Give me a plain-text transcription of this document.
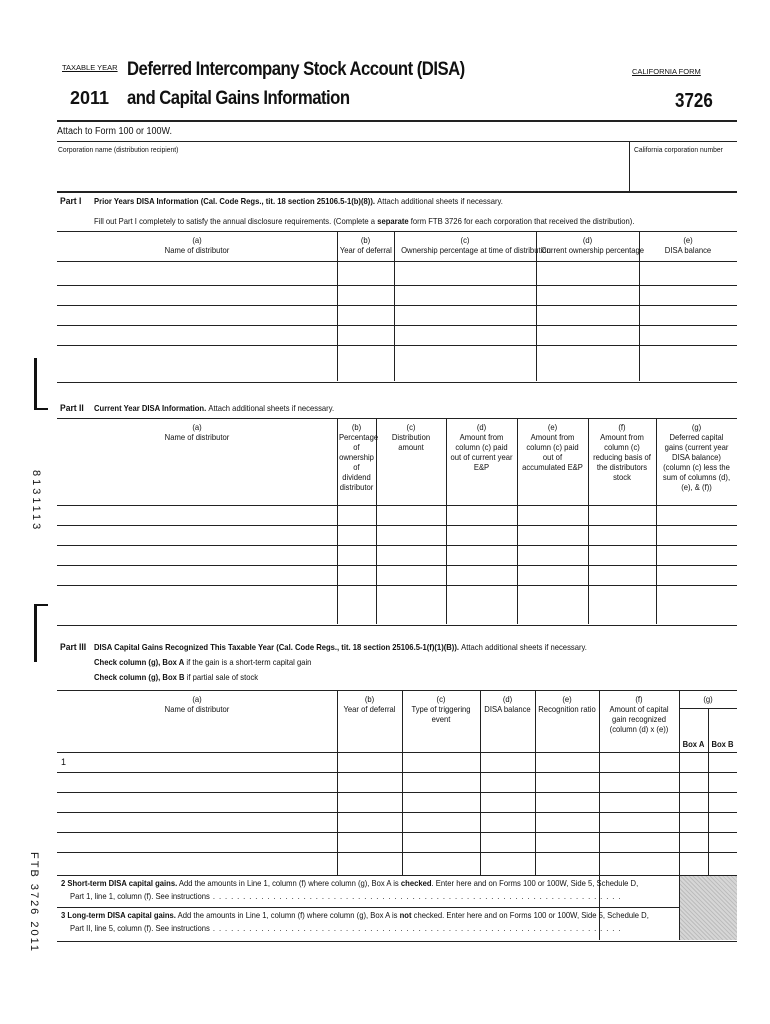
TAXABLE YEAR
2011
Deferred Intercompany Stock Account (DISA)
and Capital Gains Information
CALIFORNIA FORM
3726
Attach to Form 100 or 100W.
Corporation name (distribution recipient)	California corporation number
8131113
FTB 3726 2011
Part I Prior Years DISA Information (Cal. Code Regs., tit. 18 section 25106.5-1(b)(8)). Attach additional sheets if necessary.
Fill out Part I completely to satisfy the annual disclosure requirements. (Complete a separate form FTB 3726 for each corporation that received the distribution).
(a)
Name of distributor
(b)
Year of deferral
(c)
Ownership percentage at time of distribution
(d)
Current ownership percentage
(e)
DISA balance
Part II Current Year DISA Information. Attach additional sheets if necessary.
(a)
Name of distributor
(b)
Percentage of ownership of dividend distributor
(c)
Distribution amount
(d)
Amount from column (c) paid out of current year E&P
(e)
Amount from column (c) paid out of accumulated E&P
(f)
Amount from column (c) reducing basis of the distributors stock
(g)
Deferred capital gains (current year DISA balance) (column (c) less the sum of columns (d), (e), & (f))
Part III DISA Capital Gains Recognized This Taxable Year (Cal. Code Regs., tit. 18 section 25106.5-1(f)(1)(B)). Attach additional sheets if necessary.
Check column (g), Box A if the gain is a short-term capital gain
Check column (g), Box B if partial sale of stock
(a)
Name of distributor
(b)
Year of deferral
(c)
Type of triggering event
(d)
DISA balance
(e)
Recognition ratio
(f)
Amount of capital gain recognized (column (d) x (e))
(g)
Box A Box B
1
2 Short-term DISA capital gains. Add the amounts in Line 1, column (f) where column (g), Box A is checked. Enter here and on Forms 100 or 100W, Side 5, Schedule D,
Part 1, line 1, column (f). See instructions . . . . . . . . . . . . . . . . . . . . . . . . . . . . . . . . . . . . . . . . . . . . . . . . . . . . . . . . . . . . . . . . . . . .
3 Long-term DISA capital gains. Add the amounts in Line 1, column (f) where column (g), Box A is not checked. Enter here and on Forms 100 or 100W, Side 5, Schedule D,
Part II, line 5, column (f). See instructions . . . . . . . . . . . . . . . . . . . . . . . . . . . . . . . . . . . . . . . . . . . . . . . . . . . . . . . . . . . . . . . . . . . .
